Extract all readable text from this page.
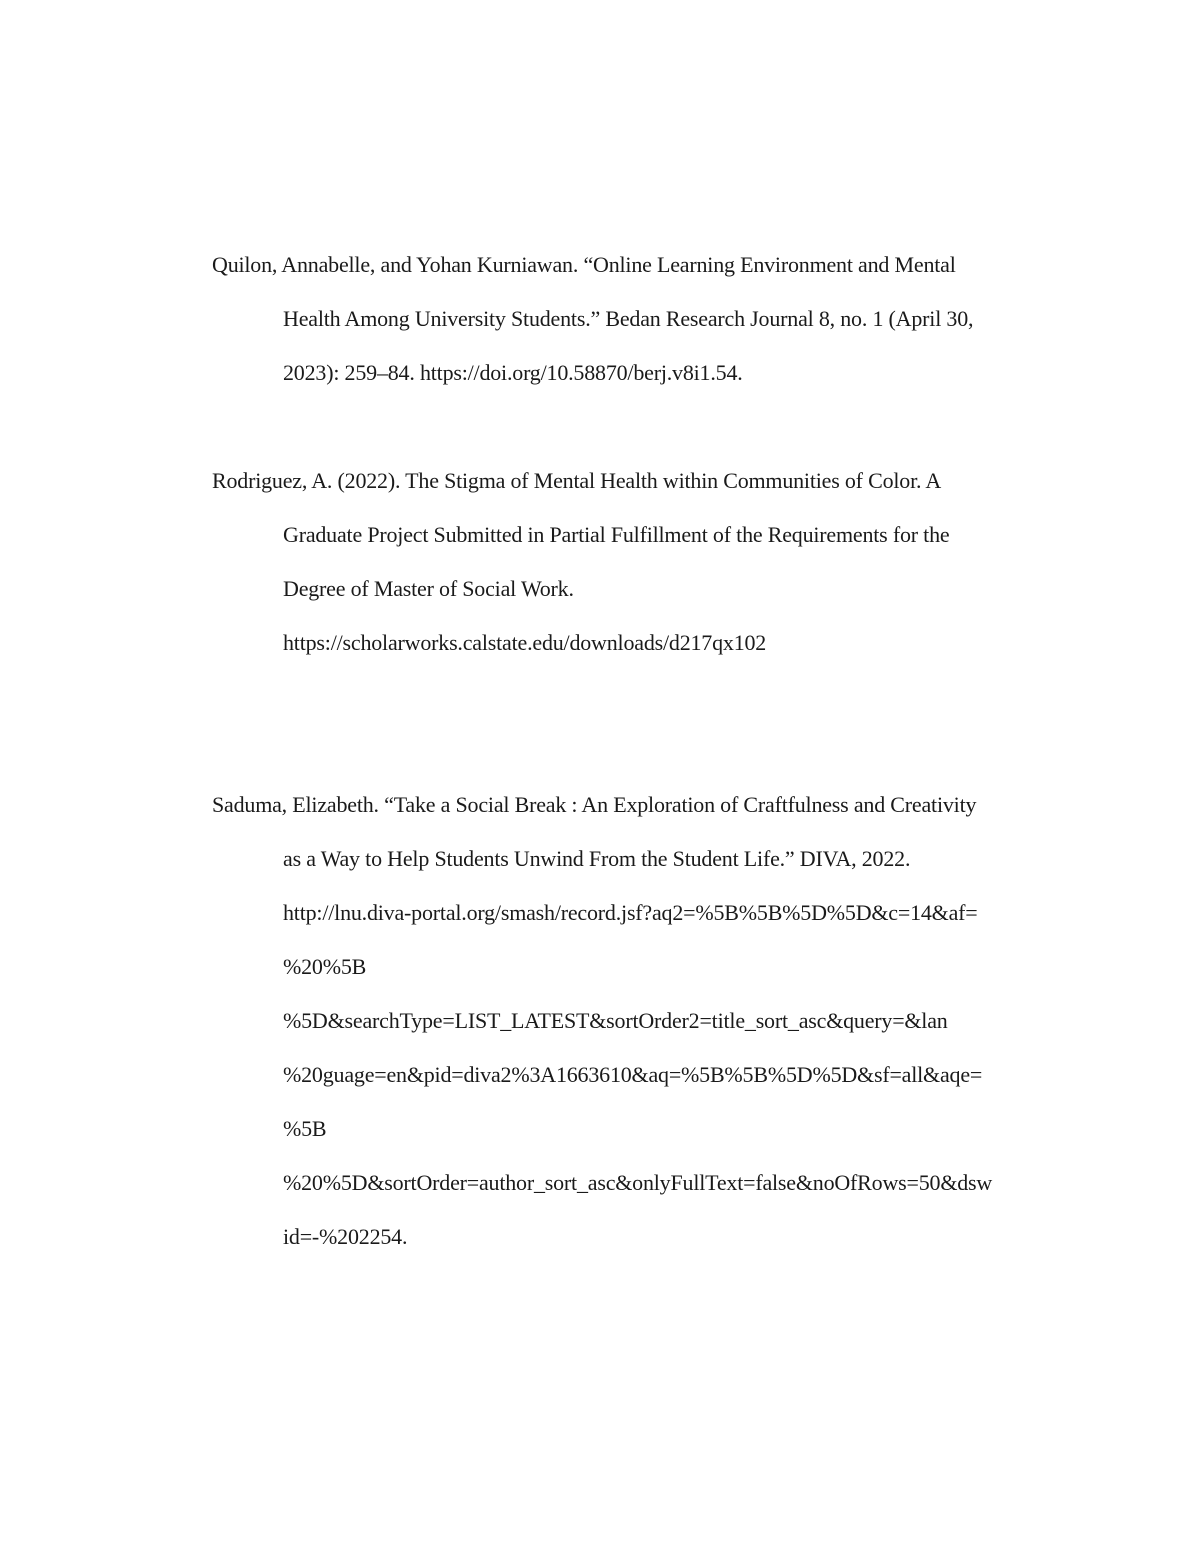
Quilon, Annabelle, and Yohan Kurniawan. “Online Learning Environment and Mental
Health Among University Students.” Bedan Research Journal 8, no. 1 (April 30,
2023): 259–84. https://doi.org/10.58870/berj.v8i1.54.
Rodriguez, A. (2022). The Stigma of Mental Health within Communities of Color. A
Graduate Project Submitted in Partial Fulfillment of the Requirements for the
Degree of Master of Social Work.
https://scholarworks.calstate.edu/downloads/d217qx102
Saduma, Elizabeth. “Take a Social Break : An Exploration of Craftfulness and Creativity
as a Way to Help Students Unwind From the Student Life.” DIVA, 2022.
http://lnu.diva-portal.org/smash/record.jsf?aq2=%5B%5B%5D%5D&c=14&af=
%20%5B
%5D&searchType=LIST_LATEST&sortOrder2=title_sort_asc&query=&lan
%20guage=en&pid=diva2%3A1663610&aq=%5B%5B%5D%5D&sf=all&aqe=
%5B
%20%5D&sortOrder=author_sort_asc&onlyFullText=false&noOfRows=50&dsw
id=-%202254.
